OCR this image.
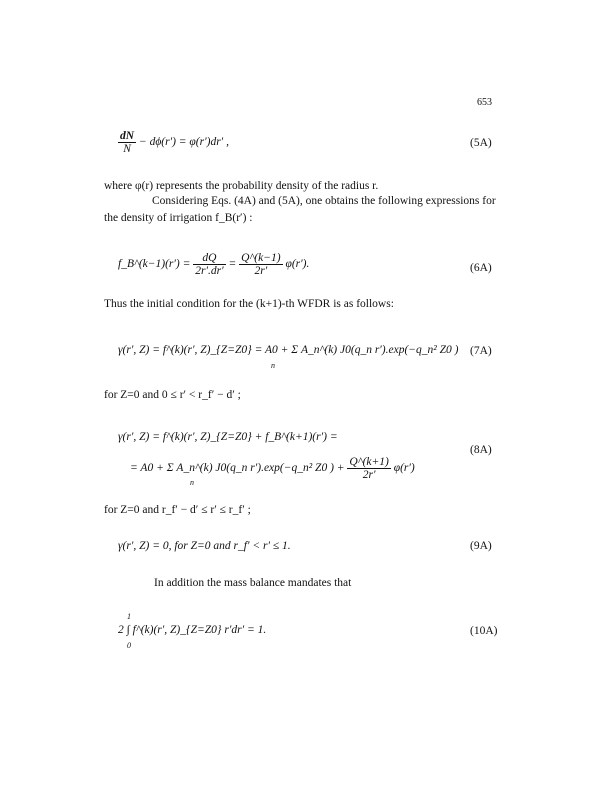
653
$\frac{dN}{N} - d\phi(r') = \varphi(r')dr'$ ,	(5A)
where φ(r) represents the probability density of the radius r.
Considering Eqs. (4A) and (5A), one obtains the following expressions for the density of irrigation f_B(r′) :
f_B^(k−1)(r′) = $\frac{dQ}{2r'.dr'} = \frac{Q\^{}(k-1)}{2r'} \varphi(r')$.	(6A)
Thus the initial condition for the (k+1)-th WFDR is as follows:
γ(r′, Z) = f^(k)(r′, Z)_{Z=Z0} = A0 + Σ A_n^(k) J0(q_n r′).exp(−q_n² Z0 )
n
(7A)
for Z=0 and 0 ≤ r′ < r_f′ − d′ ;
γ(r′, Z) = f^(k)(r′, Z)_{Z=Z0} + f_B^(k+1)(r′) =
= A0 + Σ A_n^(k) J0(q_n r′).exp(−q_n² Z0 ) + $\frac{Q\^{}(k+1)}{2r'} \varphi(r')$
n
(8A)
for Z=0 and r_f′ − d′ ≤ r′ ≤ r_f′ ;
γ(r′, Z) = 0, for Z=0 and r_f′ < r′ ≤ 1.	(9A)
In addition the mass balance mandates that
1
2 ∫ f^(k)(r′, Z)_{Z=Z0} r′dr′ = 1.
0
(10A)
